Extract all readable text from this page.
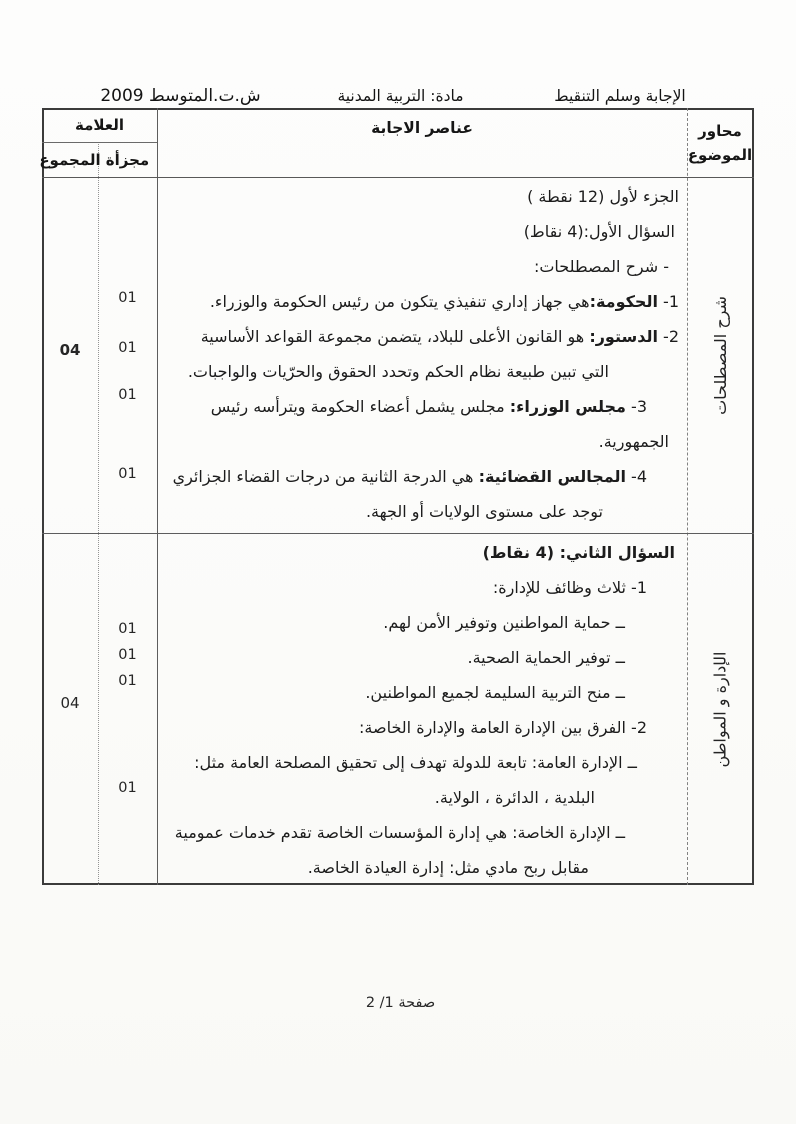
الإجابة وسلم التنقيط
مادة: التربية المدنية
ش.ت.المتوسط 2009
محاور
الموضوع
عناصر الاجابة
العلامة
مجزأة
المجموع
صفحة 1/ 2
شرح المصطلحات
الجزء لأول (12 نقطة )
السؤال الأول:(4 نقاط)
- شرح المصطلحات:
1- الحكومة:هي جهاز إداري تنفيذي يتكون من رئيس الحكومة والوزراء.
2- الدستور: هو القانون الأعلى للبلاد، يتضمن مجموعة القواعد الأساسية
التي تبين طبيعة نظام الحكم وتحدد الحقوق والحرّيات والواجبات.
3- مجلس الوزراء: مجلس يشمل أعضاء الحكومة ويترأسه رئيس
الجمهورية.
4- المجالس القضائية: هي الدرجة الثانية من درجات القضاء الجزائري
توجد على مستوى الولايات أو الجهة.
01
01
01
01
04
الإدارة و المواطن
السؤال الثاني: (4 نقاط)
1- ثلاث وظائف للإدارة:
ــ حماية المواطنين وتوفير الأمن لهم.
ــ توفير الحماية الصحية.
ــ منح التربية السليمة لجميع المواطنين.
2- الفرق بين الإدارة العامة والإدارة الخاصة:
ــ الإدارة العامة: تابعة للدولة تهدف إلى تحقيق المصلحة العامة مثل:
البلدية ، الدائرة ، الولاية.
ــ الإدارة الخاصة: هي إدارة المؤسسات الخاصة تقدم خدمات عمومية
مقابل ربح مادي مثل: إدارة العيادة الخاصة.
01
01
01
01
04
